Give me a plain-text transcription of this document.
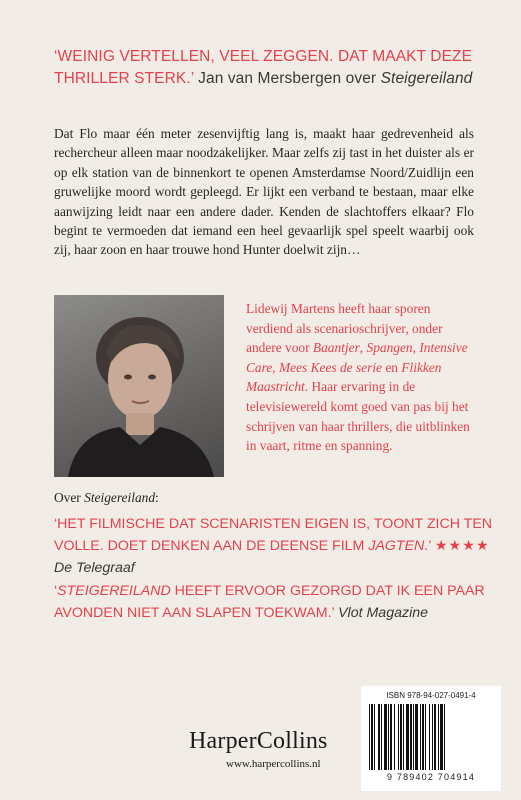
‘WEINIG VERTELLEN, VEEL ZEGGEN. DAT MAAKT DEZE THRILLER STERK.’ Jan van Mersbergen over Steigereiland
Dat Flo maar één meter zesenvijftig lang is, maakt haar gedrevenheid als rechercheur alleen maar noodzakelijker. Maar zelfs zij tast in het duister als er op elk station van de binnenkort te openen Amsterdamse Noord/Zuidlijn een gruwelijke moord wordt gepleegd. Er lijkt een verband te bestaan, maar elke aanwijzing leidt naar een andere dader. Kenden de slachtoffers elkaar? Flo begint te vermoeden dat iemand een heel gevaarlijk spel speelt waarbij ook zij, haar zoon en haar trouwe hond Hunter doelwit zijn…
Lidewij Martens heeft haar sporen verdiend als scenarioschrijver, onder andere voor Baantjer, Spangen, Intensive Care, Mees Kees de serie en Flikken Maastricht. Haar ervaring in de televisiewereld komt goed van pas bij het schrijven van haar thrillers, die uitblinken in vaart, ritme en spanning.
Over Steigereiland:
‘HET FILMISCHE DAT SCENARISTEN EIGEN IS, TOONT ZICH TEN VOLLE. DOET DENKEN AAN DE DEENSE FILM JAGTEN.’ ★★★★ De Telegraaf
‘STEIGEREILAND HEEFT ERVOOR GEZORGD DAT IK EEN PAAR AVONDEN NIET AAN SLAPEN TOEKWAM.’ Vlot Magazine
ISBN 978-94-027-0491-4
9 789402 704914
HarperCollins
www.harpercollins.nl
